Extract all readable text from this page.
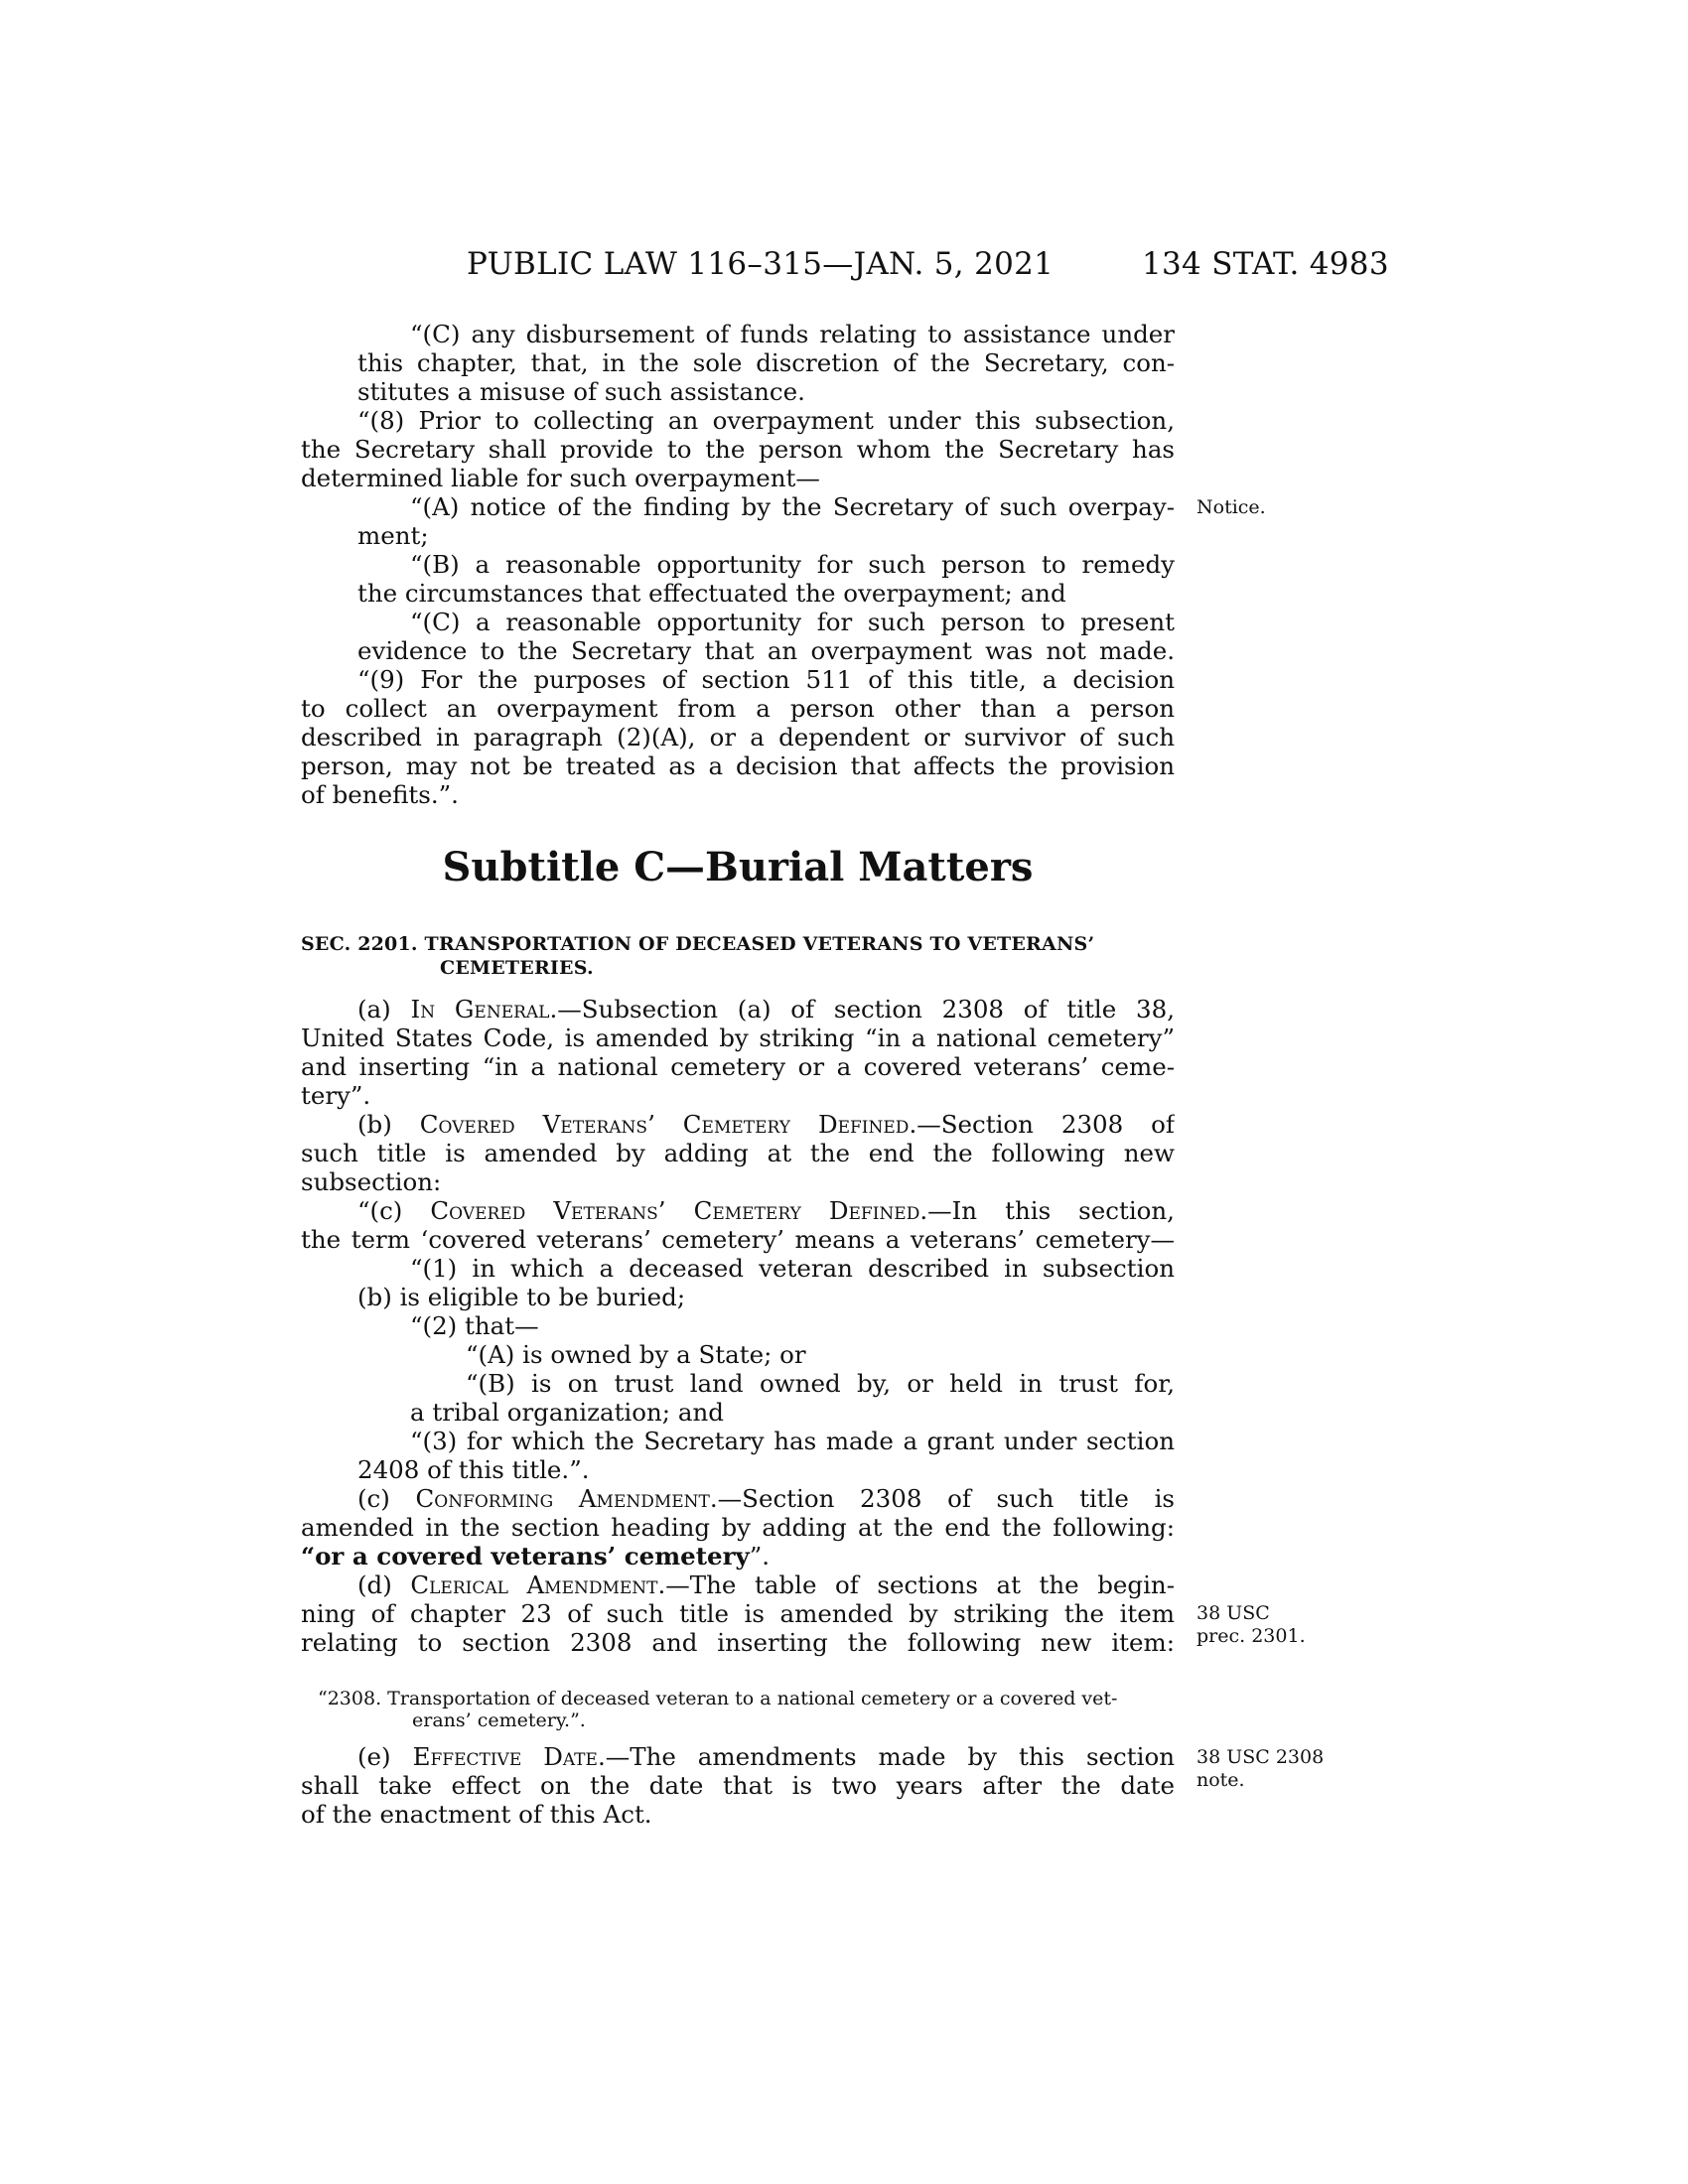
PUBLIC LAW 116–315—JAN. 5, 2021	134 STAT. 4983
“(C) any disbursement of funds relating to assistance under
this chapter, that, in the sole discretion of the Secretary, con-
stitutes a misuse of such assistance.
“(8) Prior to collecting an overpayment under this subsection,
the Secretary shall provide to the person whom the Secretary has
determined liable for such overpayment—
“(A) notice of the finding by the Secretary of such overpay-
ment;
“(B) a reasonable opportunity for such person to remedy
the circumstances that effectuated the overpayment; and
“(C) a reasonable opportunity for such person to present
evidence to the Secretary that an overpayment was not made.
“(9) For the purposes of section 511 of this title, a decision
to collect an overpayment from a person other than a person
described in paragraph (2)(A), or a dependent or survivor of such
person, may not be treated as a decision that affects the provision
of benefits.”.
Subtitle C—Burial Matters
SEC. 2201. TRANSPORTATION OF DECEASED VETERANS TO VETERANS’
CEMETERIES.
(a) In General.—Subsection (a) of section 2308 of title 38,
United States Code, is amended by striking “in a national cemetery”
and inserting “in a national cemetery or a covered veterans’ ceme-
tery”.
(b) Covered Veterans’ Cemetery Defined.—Section 2308 of
such title is amended by adding at the end the following new
subsection:
“(c) Covered Veterans’ Cemetery Defined.—In this section,
the term ‘covered veterans’ cemetery’ means a veterans’ cemetery—
“(1) in which a deceased veteran described in subsection
(b) is eligible to be buried;
“(2) that—
“(A) is owned by a State; or
“(B) is on trust land owned by, or held in trust for,
a tribal organization; and
“(3) for which the Secretary has made a grant under section
2408 of this title.”.
(c) Conforming Amendment.—Section 2308 of such title is
amended in the section heading by adding at the end the following:
“or a covered veterans’ cemetery”.
(d) Clerical Amendment.—The table of sections at the begin-
ning of chapter 23 of such title is amended by striking the item
relating to section 2308 and inserting the following new item:
“2308. Transportation of deceased veteran to a national cemetery or a covered vet-
erans’ cemetery.”.
(e) Effective Date.—The amendments made by this section
shall take effect on the date that is two years after the date
of the enactment of this Act.
Notice.
38 USC
prec. 2301.
38 USC 2308
note.
